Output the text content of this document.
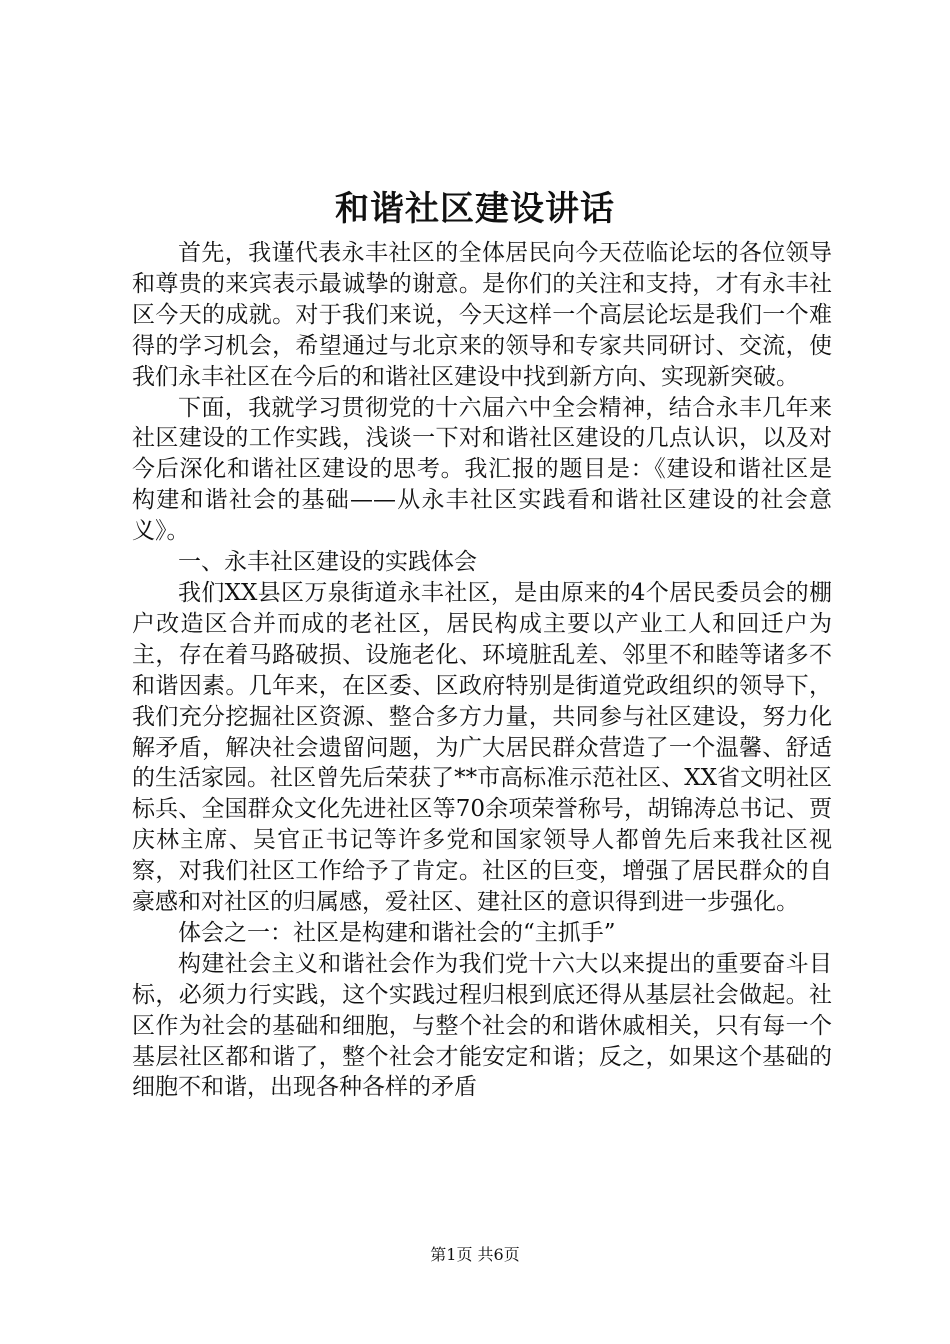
和谐社区建设讲话

首先，我谨代表永丰社区的全体居民向今天莅临论坛的各位领导和尊贵的来宾表示最诚挚的谢意。是你们的关注和支持，才有永丰社区今天的成就。对于我们来说，今天这样一个高层论坛是我们一个难得的学习机会，希望通过与北京来的领导和专家共同研讨、交流，使我们永丰社区在今后的和谐社区建设中找到新方向、实现新突破。

下面，我就学习贯彻党的十六届六中全会精神，结合永丰几年来社区建设的工作实践，浅谈一下对和谐社区建设的几点认识，以及对今后深化和谐社区建设的思考。我汇报的题目是：《建设和谐社区是构建和谐社会的基础——从永丰社区实践看和谐社区建设的社会意义》。

一、永丰社区建设的实践体会

我们XX县区万泉街道永丰社区，是由原来的4个居民委员会的棚户改造区合并而成的老社区，居民构成主要以产业工人和回迁户为主，存在着马路破损、设施老化、环境脏乱差、邻里不和睦等诸多不和谐因素。几年来，在区委、区政府特别是街道党政组织的领导下，我们充分挖掘社区资源、整合多方力量，共同参与社区建设，努力化解矛盾，解决社会遗留问题，为广大居民群众营造了一个温馨、舒适的生活家园。社区曾先后荣获了**市高标准示范社区、XX省文明社区标兵、全国群众文化先进社区等70余项荣誉称号，胡锦涛总书记、贾庆林主席、吴官正书记等许多党和国家领导人都曾先后来我社区视察，对我们社区工作给予了肯定。社区的巨变，增强了居民群众的自豪感和对社区的归属感，爱社区、建社区的意识得到进一步强化。

体会之一：社区是构建和谐社会的“主抓手”

构建社会主义和谐社会作为我们党十六大以来提出的重要奋斗目标，必须力行实践，这个实践过程归根到底还得从基层社会做起。社区作为社会的基础和细胞，与整个社会的和谐休戚相关，只有每一个基层社区都和谐了，整个社会才能安定和谐；反之，如果这个基础的细胞不和谐，出现各种各样的矛盾

第1页 共6页
